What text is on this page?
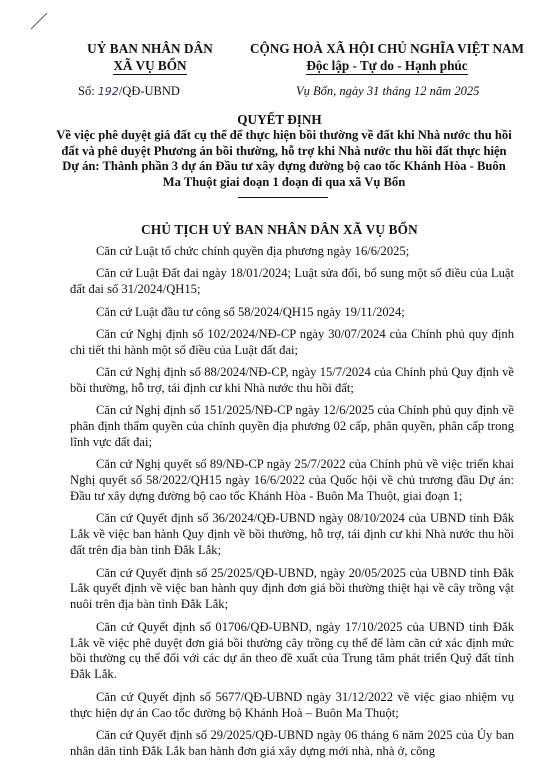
UỶ BAN NHÂN DÂN
XÃ VỤ BỔN
CỘNG HOÀ XÃ HỘI CHỦ NGHĨA VIỆT NAM
Độc lập - Tự do - Hạnh phúc
Số: 192/QĐ-UBND	Vụ Bổn, ngày 31 tháng 12 năm 2025
QUYẾT ĐỊNH
Về việc phê duyệt giá đất cụ thể để thực hiện bồi thường về đất khi Nhà nước thu hồi đất và phê duyệt Phương án bồi thường, hỗ trợ khi Nhà nước thu hồi đất thực hiện Dự án: Thành phần 3 dự án Đầu tư xây dựng đường bộ cao tốc Khánh Hòa - Buôn Ma Thuột giai đoạn 1 đoạn đi qua xã Vụ Bổn
CHỦ TỊCH UỶ BAN NHÂN DÂN XÃ VỤ BỔN

Căn cứ Luật tổ chức chính quyền địa phương ngày 16/6/2025;

Căn cứ Luật Đất đai ngày 18/01/2024; Luật sửa đổi, bổ sung một số điều của Luật đất đai số 31/2024/QH15;

Căn cứ Luật đầu tư công số 58/2024/QH15 ngày 19/11/2024;

Căn cứ Nghị định số 102/2024/NĐ-CP ngày 30/07/2024 của Chính phủ quy định chi tiết thi hành một số điều của Luật đất đai;

Căn cứ Nghị định số 88/2024/NĐ-CP, ngày 15/7/2024 của Chính phủ Quy định về bồi thường, hỗ trợ, tái định cư khi Nhà nước thu hồi đất;

Căn cứ Nghị định số 151/2025/NĐ-CP ngày 12/6/2025 của Chính phủ quy định về phân định thẩm quyền của chính quyền địa phương 02 cấp, phân quyền, phân cấp trong lĩnh vực đất đai;

Căn cứ Nghị quyết số 89/NĐ-CP ngày 25/7/2022 của Chính phủ về việc triển khai Nghị quyết số 58/2022/QH15 ngày 16/6/2022 của Quốc hội về chủ trương đầu Dự án: Đầu tư xây dựng đường bộ cao tốc Khánh Hòa - Buôn Ma Thuột, giai đoạn 1;

Căn cứ Quyết định số 36/2024/QĐ-UBND ngày 08/10/2024 của UBND tỉnh Đắk Lắk về việc ban hành Quy định về bồi thường, hỗ trợ, tái định cư khi Nhà nước thu hồi đất trên địa bàn tỉnh Đắk Lắk;

Căn cứ Quyết định số 25/2025/QĐ-UBND, ngày 20/05/2025 của UBND tỉnh Đắk Lắk quyết định về việc ban hành quy định đơn giá bồi thường thiệt hại về cây trồng vật nuôi trên địa bàn tỉnh Đắk Lắk;

Căn cứ Quyết định số 01706/QĐ-UBND, ngày 17/10/2025 của UBND tỉnh Đắk Lắk về việc phê duyệt đơn giá bồi thường cây trồng cụ thể để làm căn cứ xác định mức bồi thường cụ thể đối với các dự án theo đề xuất của Trung tâm phát triển Quỹ đất tỉnh Đắk Lắk.

Căn cứ Quyết định số 5677/QĐ-UBND ngày 31/12/2022 về việc giao nhiệm vụ thực hiện dự án Cao tốc đường bộ Khánh Hoà – Buôn Ma Thuột;

Căn cứ Quyết định số 29/2025/QĐ-UBND ngày 06 tháng 6 năm 2025 của Ủy ban nhân dân tỉnh Đắk Lắk ban hành đơn giá xây dựng mới nhà, nhà ở, công
